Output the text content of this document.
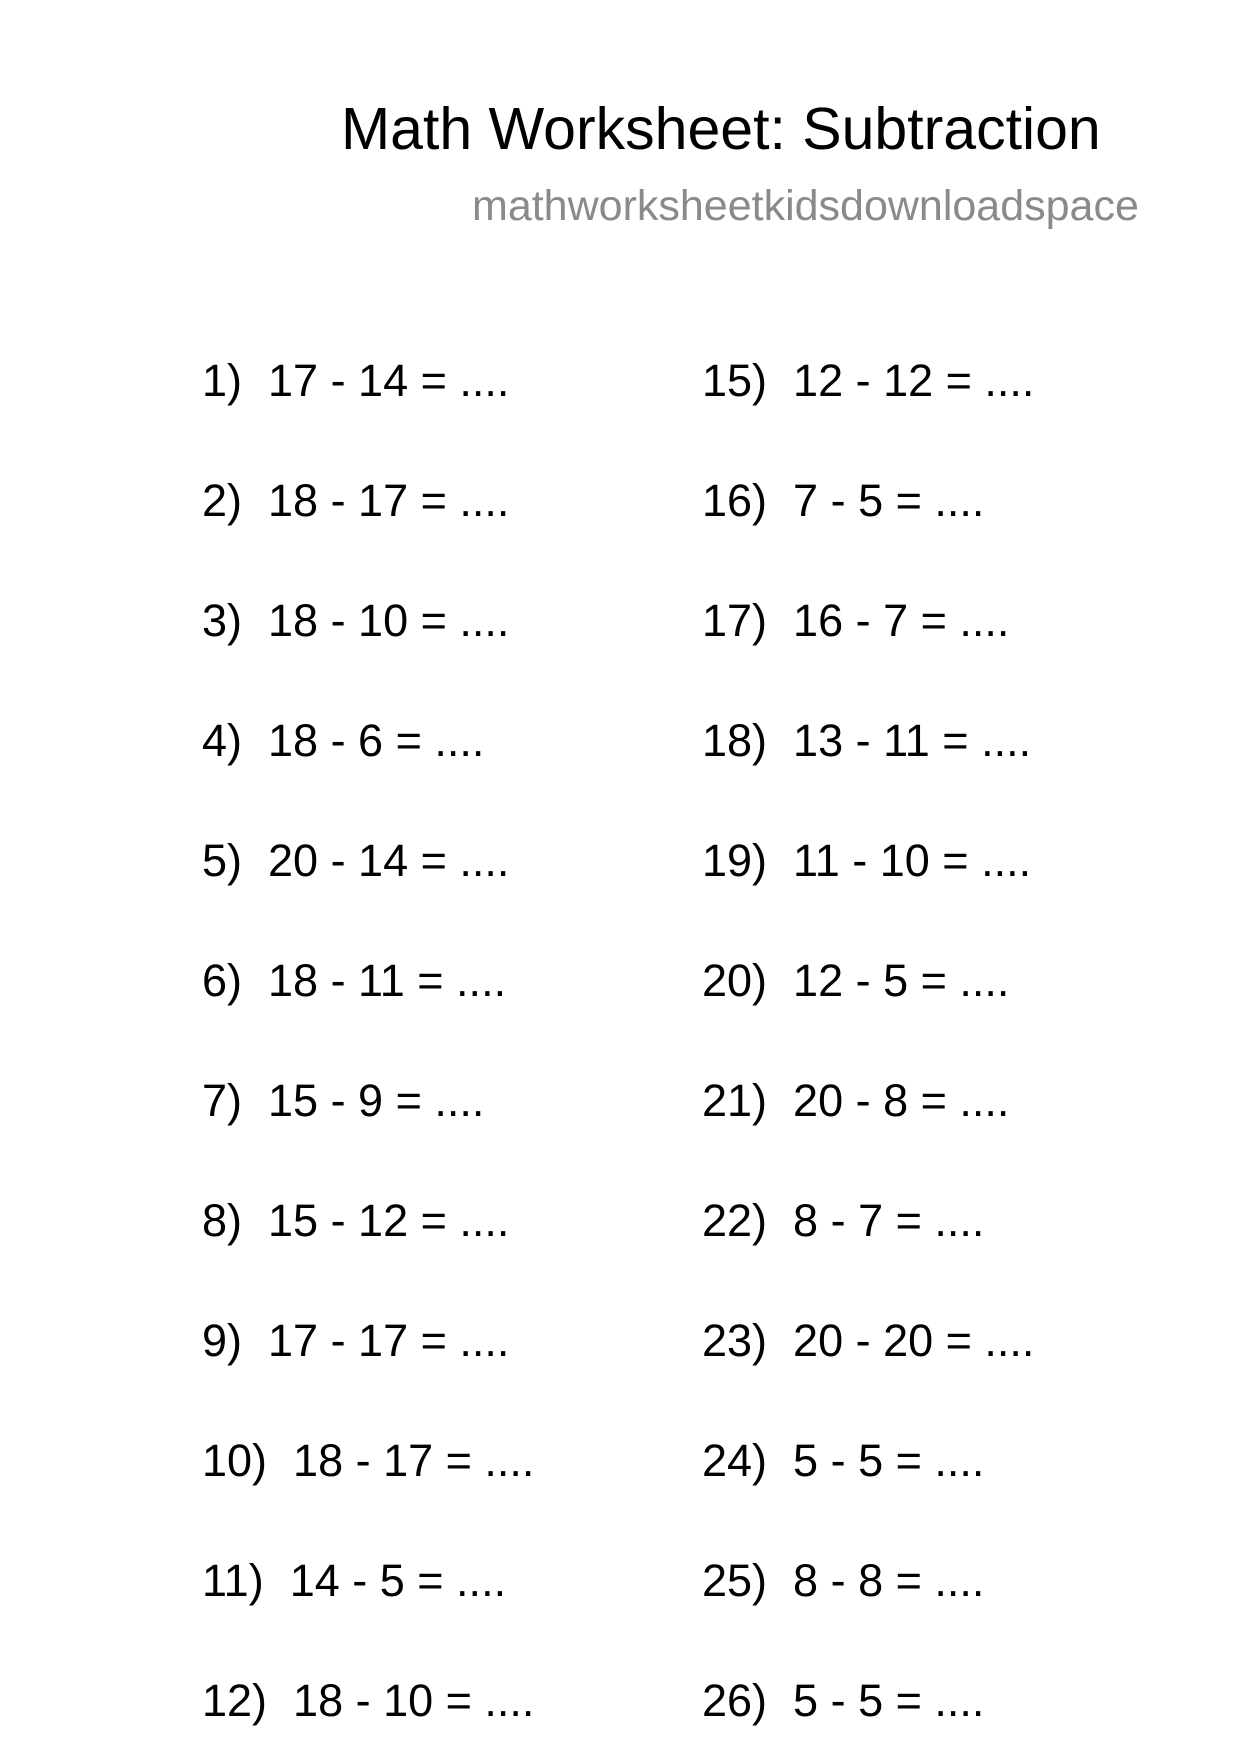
Math Worksheet: Subtraction
mathworksheetkidsdownloadspace
1) 17 - 14 = ....
2) 18 - 17 = ....
3) 18 - 10 = ....
4) 18 - 6 = ....
5) 20 - 14 = ....
6) 18 - 11 = ....
7) 15 - 9 = ....
8) 15 - 12 = ....
9) 17 - 17 = ....
10) 18 - 17 = ....
11) 14 - 5 = ....
12) 18 - 10 = ....
15) 12 - 12 = ....
16) 7 - 5 = ....
17) 16 - 7 = ....
18) 13 - 11 = ....
19) 11 - 10 = ....
20) 12 - 5 = ....
21) 20 - 8 = ....
22) 8 - 7 = ....
23) 20 - 20 = ....
24) 5 - 5 = ....
25) 8 - 8 = ....
26) 5 - 5 = ....
